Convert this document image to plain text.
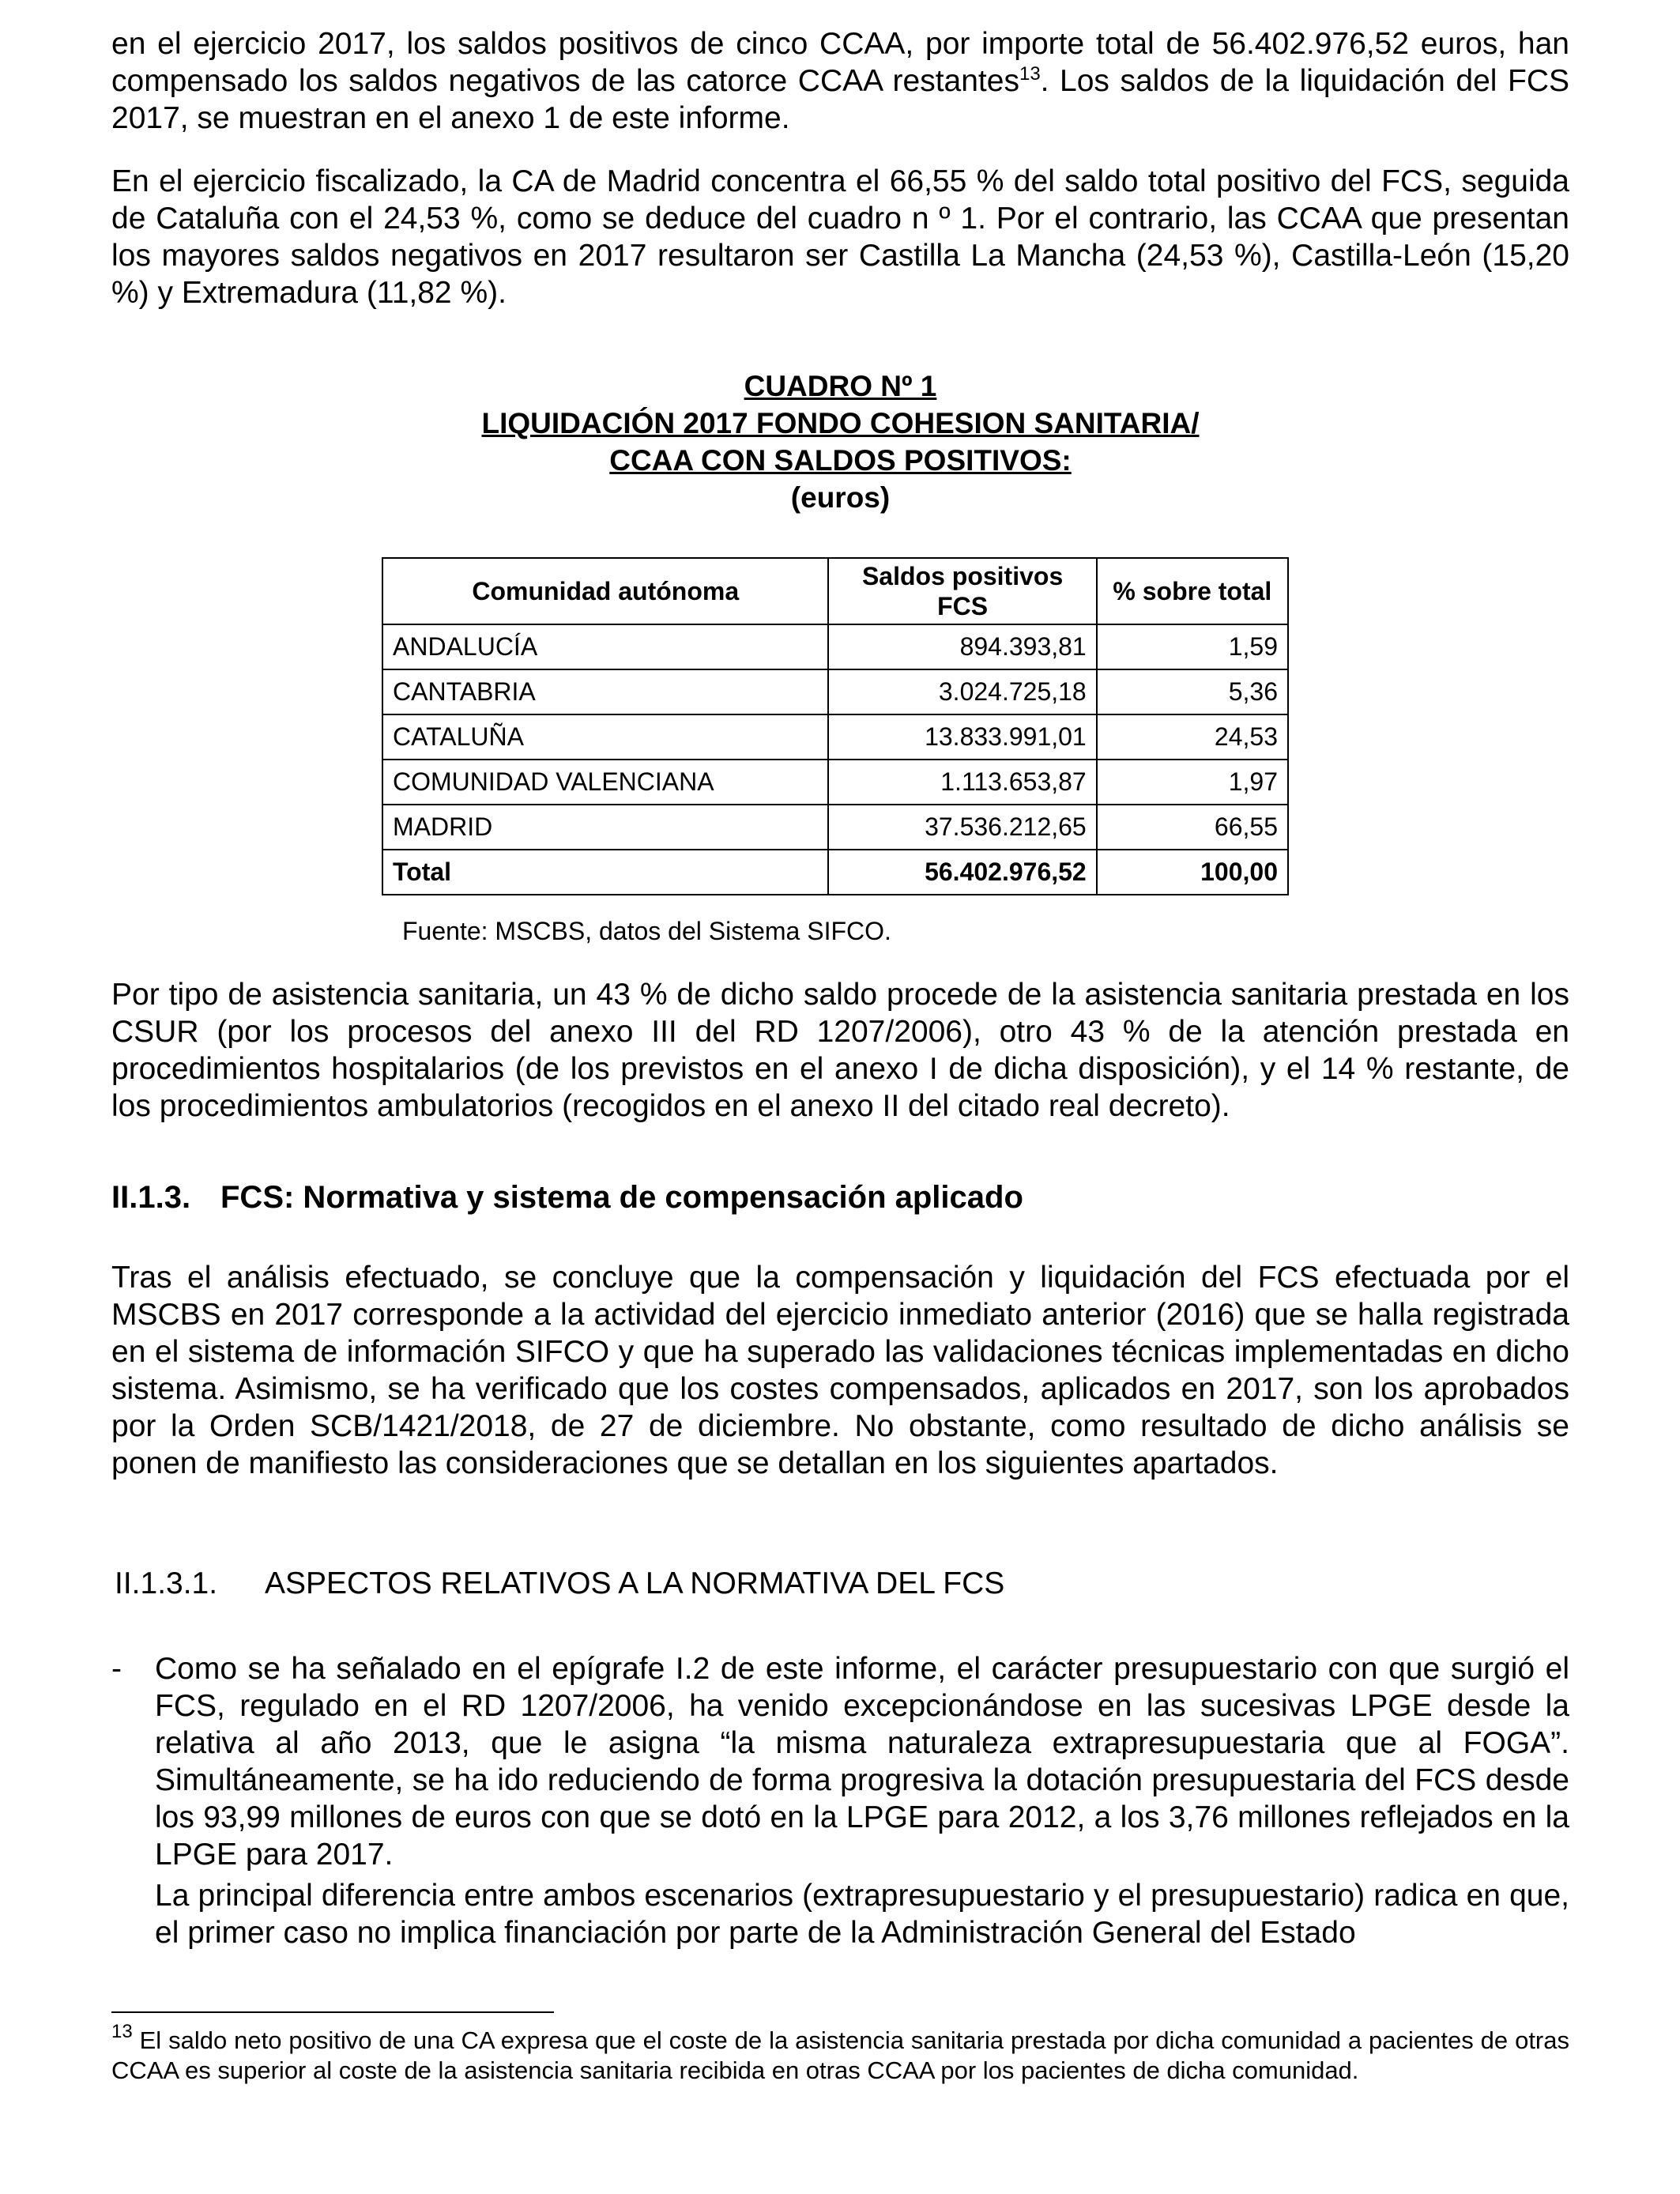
en el ejercicio 2017, los saldos positivos de cinco CCAA, por importe total de 56.402.976,52 euros, han compensado los saldos negativos de las catorce CCAA restantes$^{13}$. Los saldos de la liquidación del FCS 2017, se muestran en el anexo 1 de este informe.

En el ejercicio fiscalizado, la CA de Madrid concentra el 66,55 % del saldo total positivo del FCS, seguida de Cataluña con el 24,53 %, como se deduce del cuadro n º 1. Por el contrario, las CCAA que presentan los mayores saldos negativos en 2017 resultaron ser Castilla La Mancha (24,53 %), Castilla-León (15,20 %) y Extremadura (11,82 %).

CUADRO Nº 1
LIQUIDACIÓN 2017 FONDO COHESION SANITARIA/
CCAA CON SALDOS POSITIVOS:
(euros)
Comunidad autónoma	Saldos positivos FCS	% sobre total
ANDALUCÍA	894.393,81	1,59
CANTABRIA	3.024.725,18	5,36
CATALUÑA	13.833.991,01	24,53
COMUNIDAD VALENCIANA	1.113.653,87	1,97
MADRID	37.536.212,65	66,55
Total	56.402.976,52	100,00
Fuente: MSCBS, datos del Sistema SIFCO.

Por tipo de asistencia sanitaria, un 43 % de dicho saldo procede de la asistencia sanitaria prestada en los CSUR (por los procesos del anexo III del RD 1207/2006), otro 43 % de la atención prestada en procedimientos hospitalarios (de los previstos en el anexo I de dicha disposición), y el 14 % restante, de los procedimientos ambulatorios (recogidos en el anexo II del citado real decreto).

II.1.3. FCS: Normativa y sistema de compensación aplicado

Tras el análisis efectuado, se concluye que la compensación y liquidación del FCS efectuada por el MSCBS en 2017 corresponde a la actividad del ejercicio inmediato anterior (2016) que se halla registrada en el sistema de información SIFCO y que ha superado las validaciones técnicas implementadas en dicho sistema. Asimismo, se ha verificado que los costes compensados, aplicados en 2017, son los aprobados por la Orden SCB/1421/2018, de 27 de diciembre. No obstante, como resultado de dicho análisis se ponen de manifiesto las consideraciones que se detallan en los siguientes apartados.

II.1.3.1. ASPECTOS RELATIVOS A LA NORMATIVA DEL FCS
- Como se ha señalado en el epígrafe I.2 de este informe, el carácter presupuestario con que surgió el FCS, regulado en el RD 1207/2006, ha venido excepcionándose en las sucesivas LPGE desde la relativa al año 2013, que le asigna “la misma naturaleza extrapresupuestaria que al FOGA”. Simultáneamente, se ha ido reduciendo de forma progresiva la dotación presupuestaria del FCS desde los 93,99 millones de euros con que se dotó en la LPGE para 2012, a los 3,76 millones reflejados en la LPGE para 2017.

La principal diferencia entre ambos escenarios (extrapresupuestario y el presupuestario) radica en que, el primer caso no implica financiación por parte de la Administración General del Estado

$^{13}$ El saldo neto positivo de una CA expresa que el coste de la asistencia sanitaria prestada por dicha comunidad a pacientes de otras CCAA es superior al coste de la asistencia sanitaria recibida en otras CCAA por los pacientes de dicha comunidad.
